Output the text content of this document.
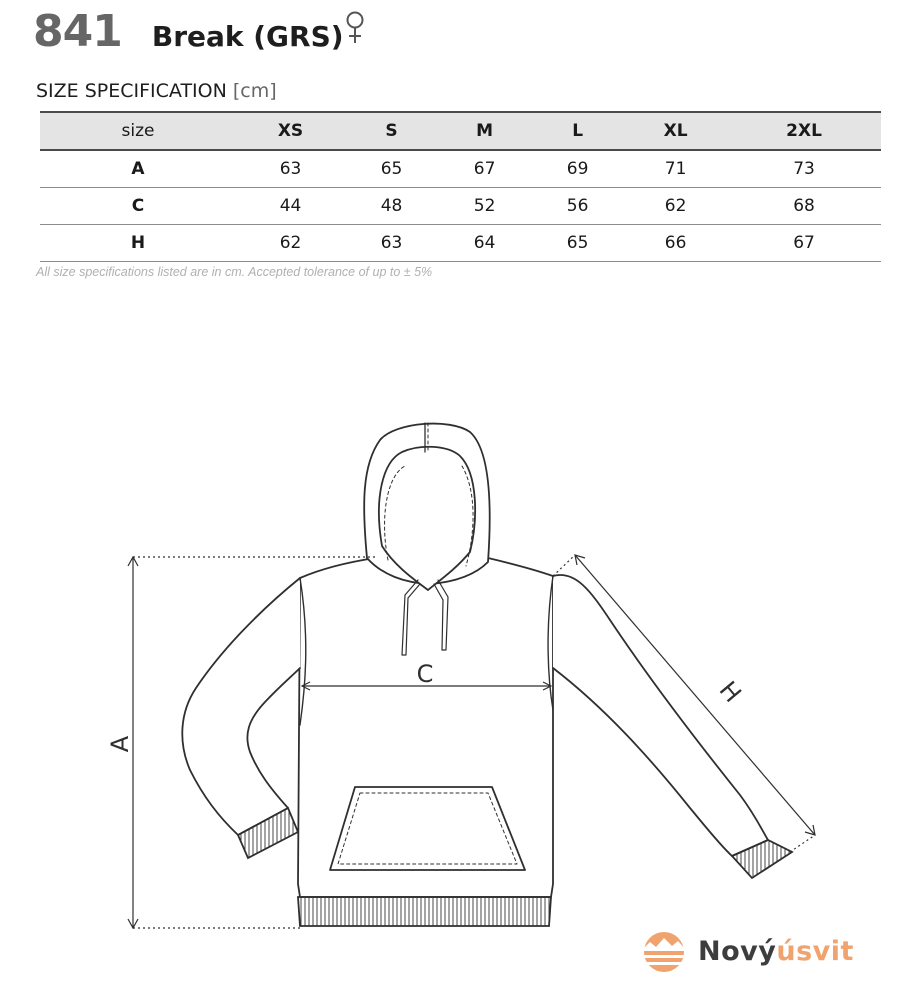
841 Break (GRS)
SIZE SPECIFICATION [cm]
size	XS	S	M	L	XL	2XL
A	63	65	67	69	71	73
C	44	48	52	56	62	68
H	62	63	64	65	66	67
All size specifications listed are in cm. Accepted tolerance of up to ± 5%
A
C
H
Novýúsvit
